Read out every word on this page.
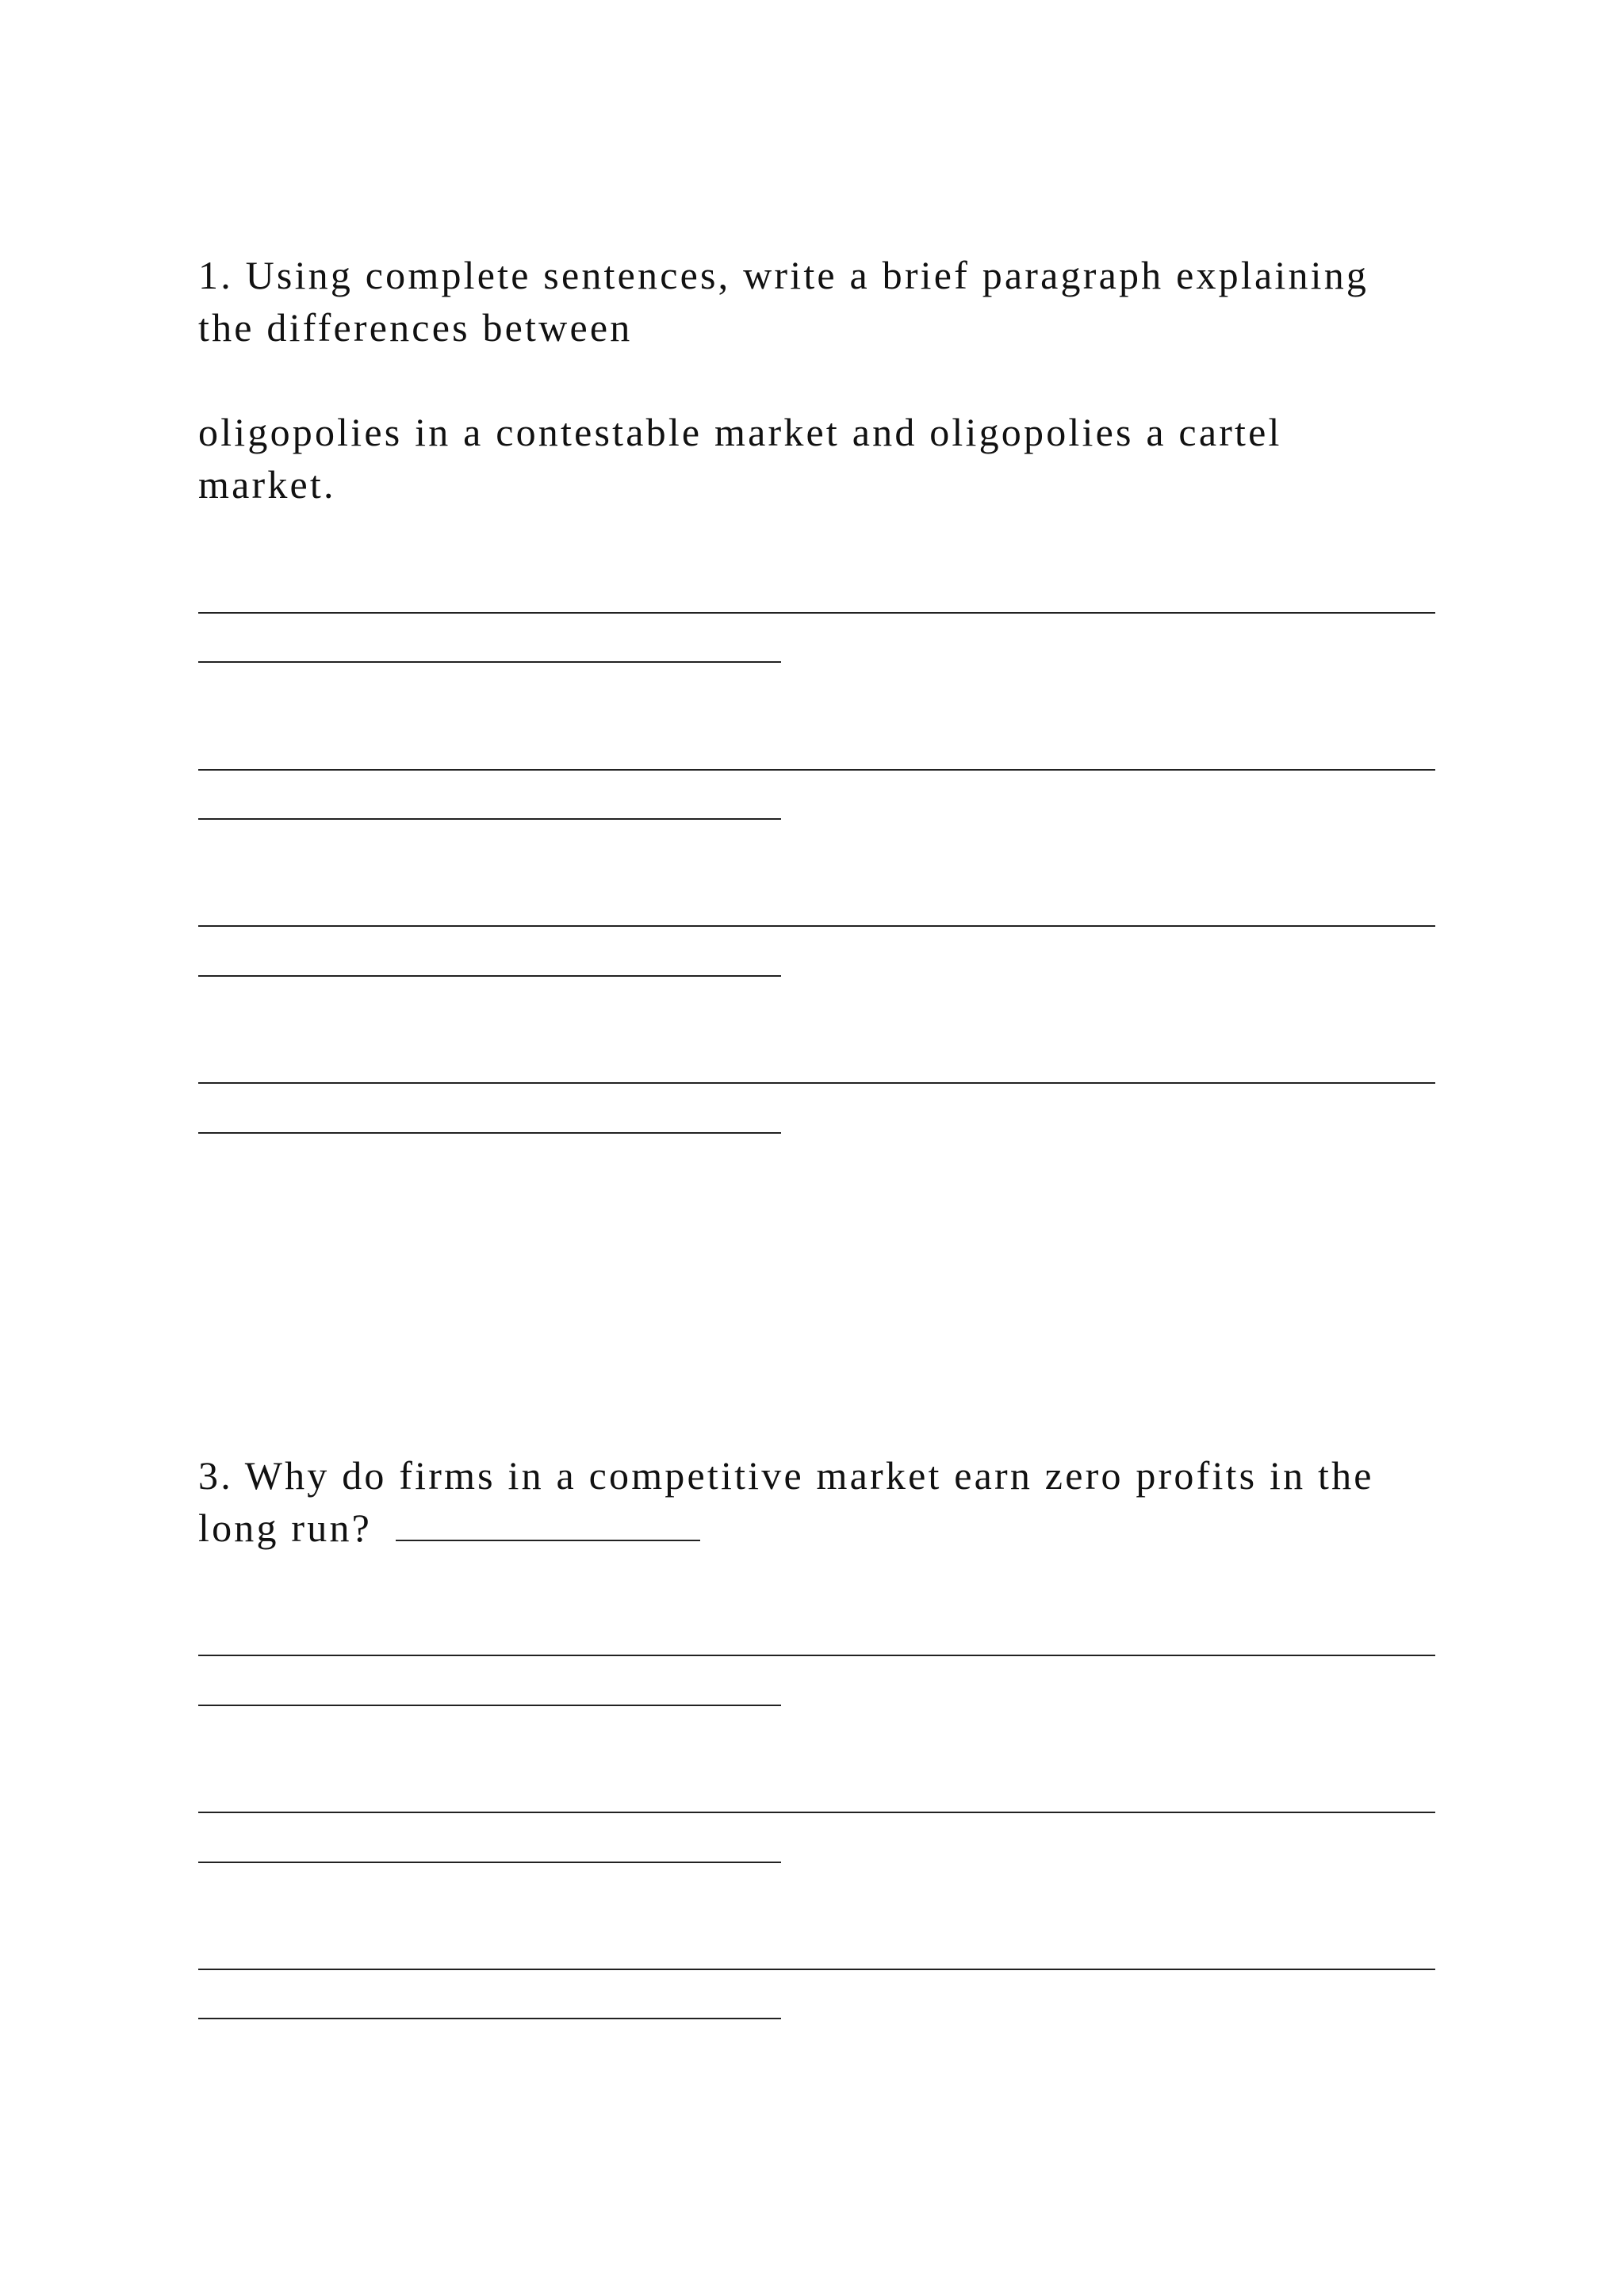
1. Using complete sentences, write a brief paragraph explaining
the differences between
oligopolies in a contestable market and oligopolies a cartel
market.
3. Why do firms in a competitive market earn zero profits in the
long run?
